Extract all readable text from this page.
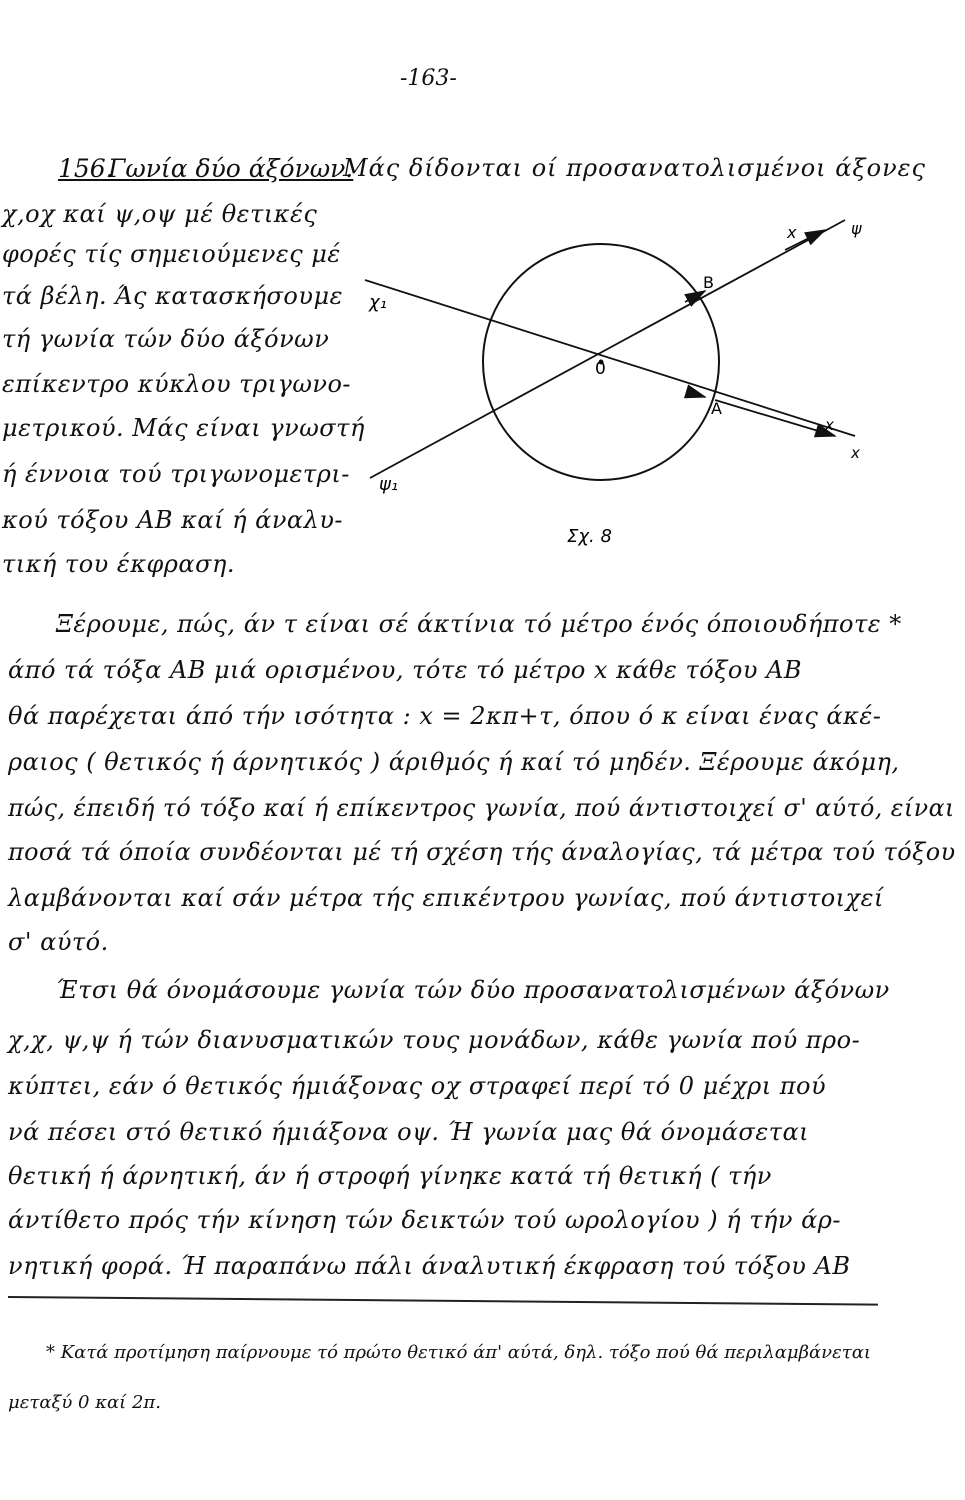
-163-
156.
Γωνία δύο άξόνων.
Μάς δίδονται οί προσανατολισμένοι άξονες
χ,οχ καί ψ,οψ μέ θετικές
φορές τίς σημειούμενες μέ
τά βέλη. Άς κατασκήσουμε
τή γωνία τών δύο άξόνων
επίκεντρο κύκλου τριγωνο-
μετρικού. Μάς είναι γνωστή
ή έννοια τού τριγωνομετρι-
κού τόξου ΑΒ καί ή άναλυ-
τική του έκφραση.
χ₁
ψ₁
0
Β
Α
x	ψ
x
x
Σχ. 8
Ξέρουμε, πώς, άν τ είναι σέ άκτίνια τό μέτρο ένός όποιουδήποτε *
άπό τά τόξα ΑΒ μιά ορισμένου, τότε τό μέτρο x κάθε τόξου ΑΒ
θά παρέχεται άπό τήν ισότητα : x = 2κπ+τ, όπου ό κ είναι ένας άκέ-
ραιος ( θετικός ή άρνητικός ) άριθμός ή καί τό μηδέν. Ξέρουμε άκόμη,
πώς, έπειδή τό τόξο καί ή επίκεντρος γωνία, πού άντιστοιχεί σ' αύτό, είναι
ποσά τά όποία συνδέονται μέ τή σχέση τής άναλογίας, τά μέτρα τού τόξου
λαμβάνονται καί σάν μέτρα τής επικέντρου γωνίας, πού άντιστοιχεί
σ' αύτό.
Έτσι θά όνομάσουμε γωνία τών δύο προσανατολισμένων άξόνων
χ,χ, ψ,ψ ή τών διανυσματικών τους μονάδων, κάθε γωνία πού πρo-
κύπτει, εάν ό θετικός ήμιάξονας οχ στραφεί περί τό 0 μέχρι πού
νά πέσει στό θετικό ήμιάξονα οψ. Ή γωνία μας θά όνομάσεται
θετική ή άρνητική, άν ή στροφή γίνηκε κατά τή θετική ( τήν
άντίθετο πρός τήν κίνηση τών δεικτών τού ωρολογίου ) ή τήν άρ-
νητική φορά. Ή παραπάνω πάλι άναλυτική έκφραση τού τόξου ΑΒ
* Κατά προτίμηση παίρνουμε τό πρώτο θετικό άπ' αύτά, δηλ. τόξο πού θά περιλαμβάνεται
μεταξύ 0 καί 2π.
